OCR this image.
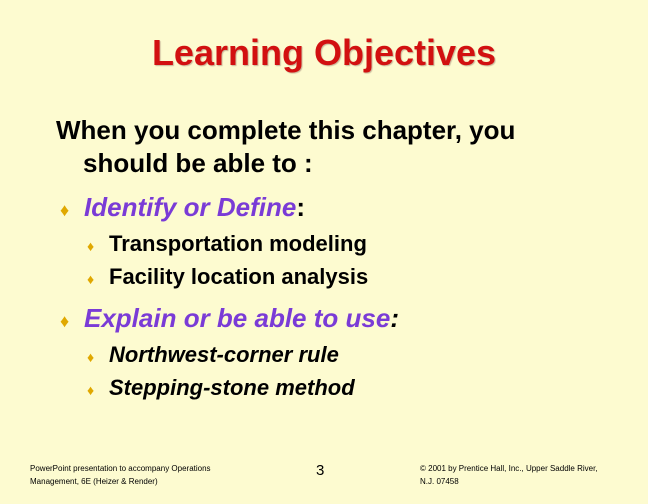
Learning Objectives
When you complete this chapter, you
should be able to :
♦ Identify or Define:
♦ Transportation modeling
♦ Facility location analysis
♦ Explain or be able to use:
♦ Northwest-corner rule
♦ Stepping-stone method
PowerPoint presentation to accompany Operations
Management, 6E (Heizer & Render)
3	© 2001 by Prentice Hall, Inc., Upper Saddle River,
N.J. 07458
